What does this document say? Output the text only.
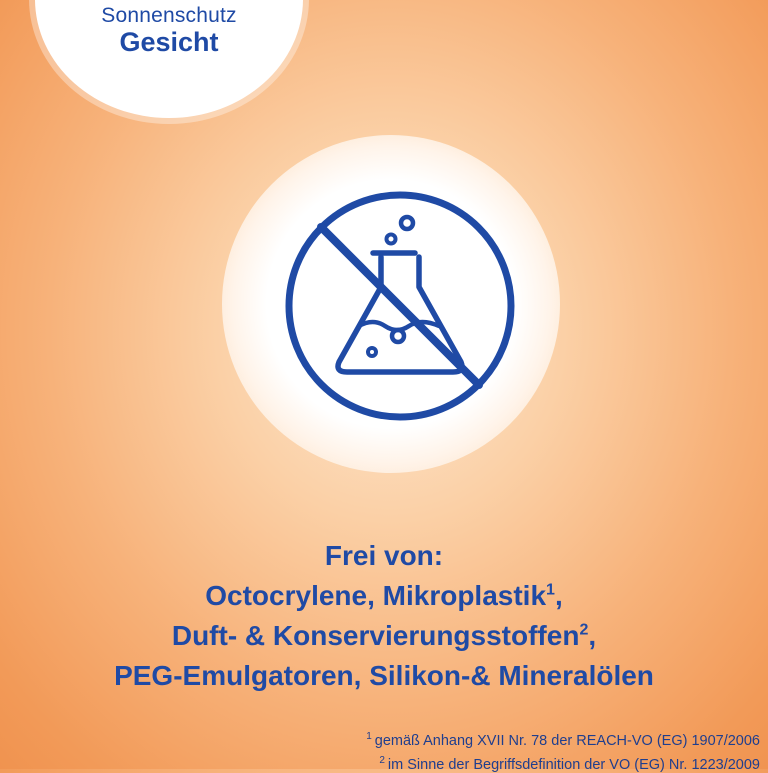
Sonnenschutz
Gesicht
Frei von:
Octocrylene, Mikroplastik$^1$,
Duft- & Konservierungsstoffen$^2$,
PEG-Emulgatoren, Silikon-& Mineralölen
$^1$ gemäß Anhang XVII Nr. 78 der REACH-VO (EG) 1907/2006
$^2$ im Sinne der Begriffsdefinition der VO (EG) Nr. 1223/2009
